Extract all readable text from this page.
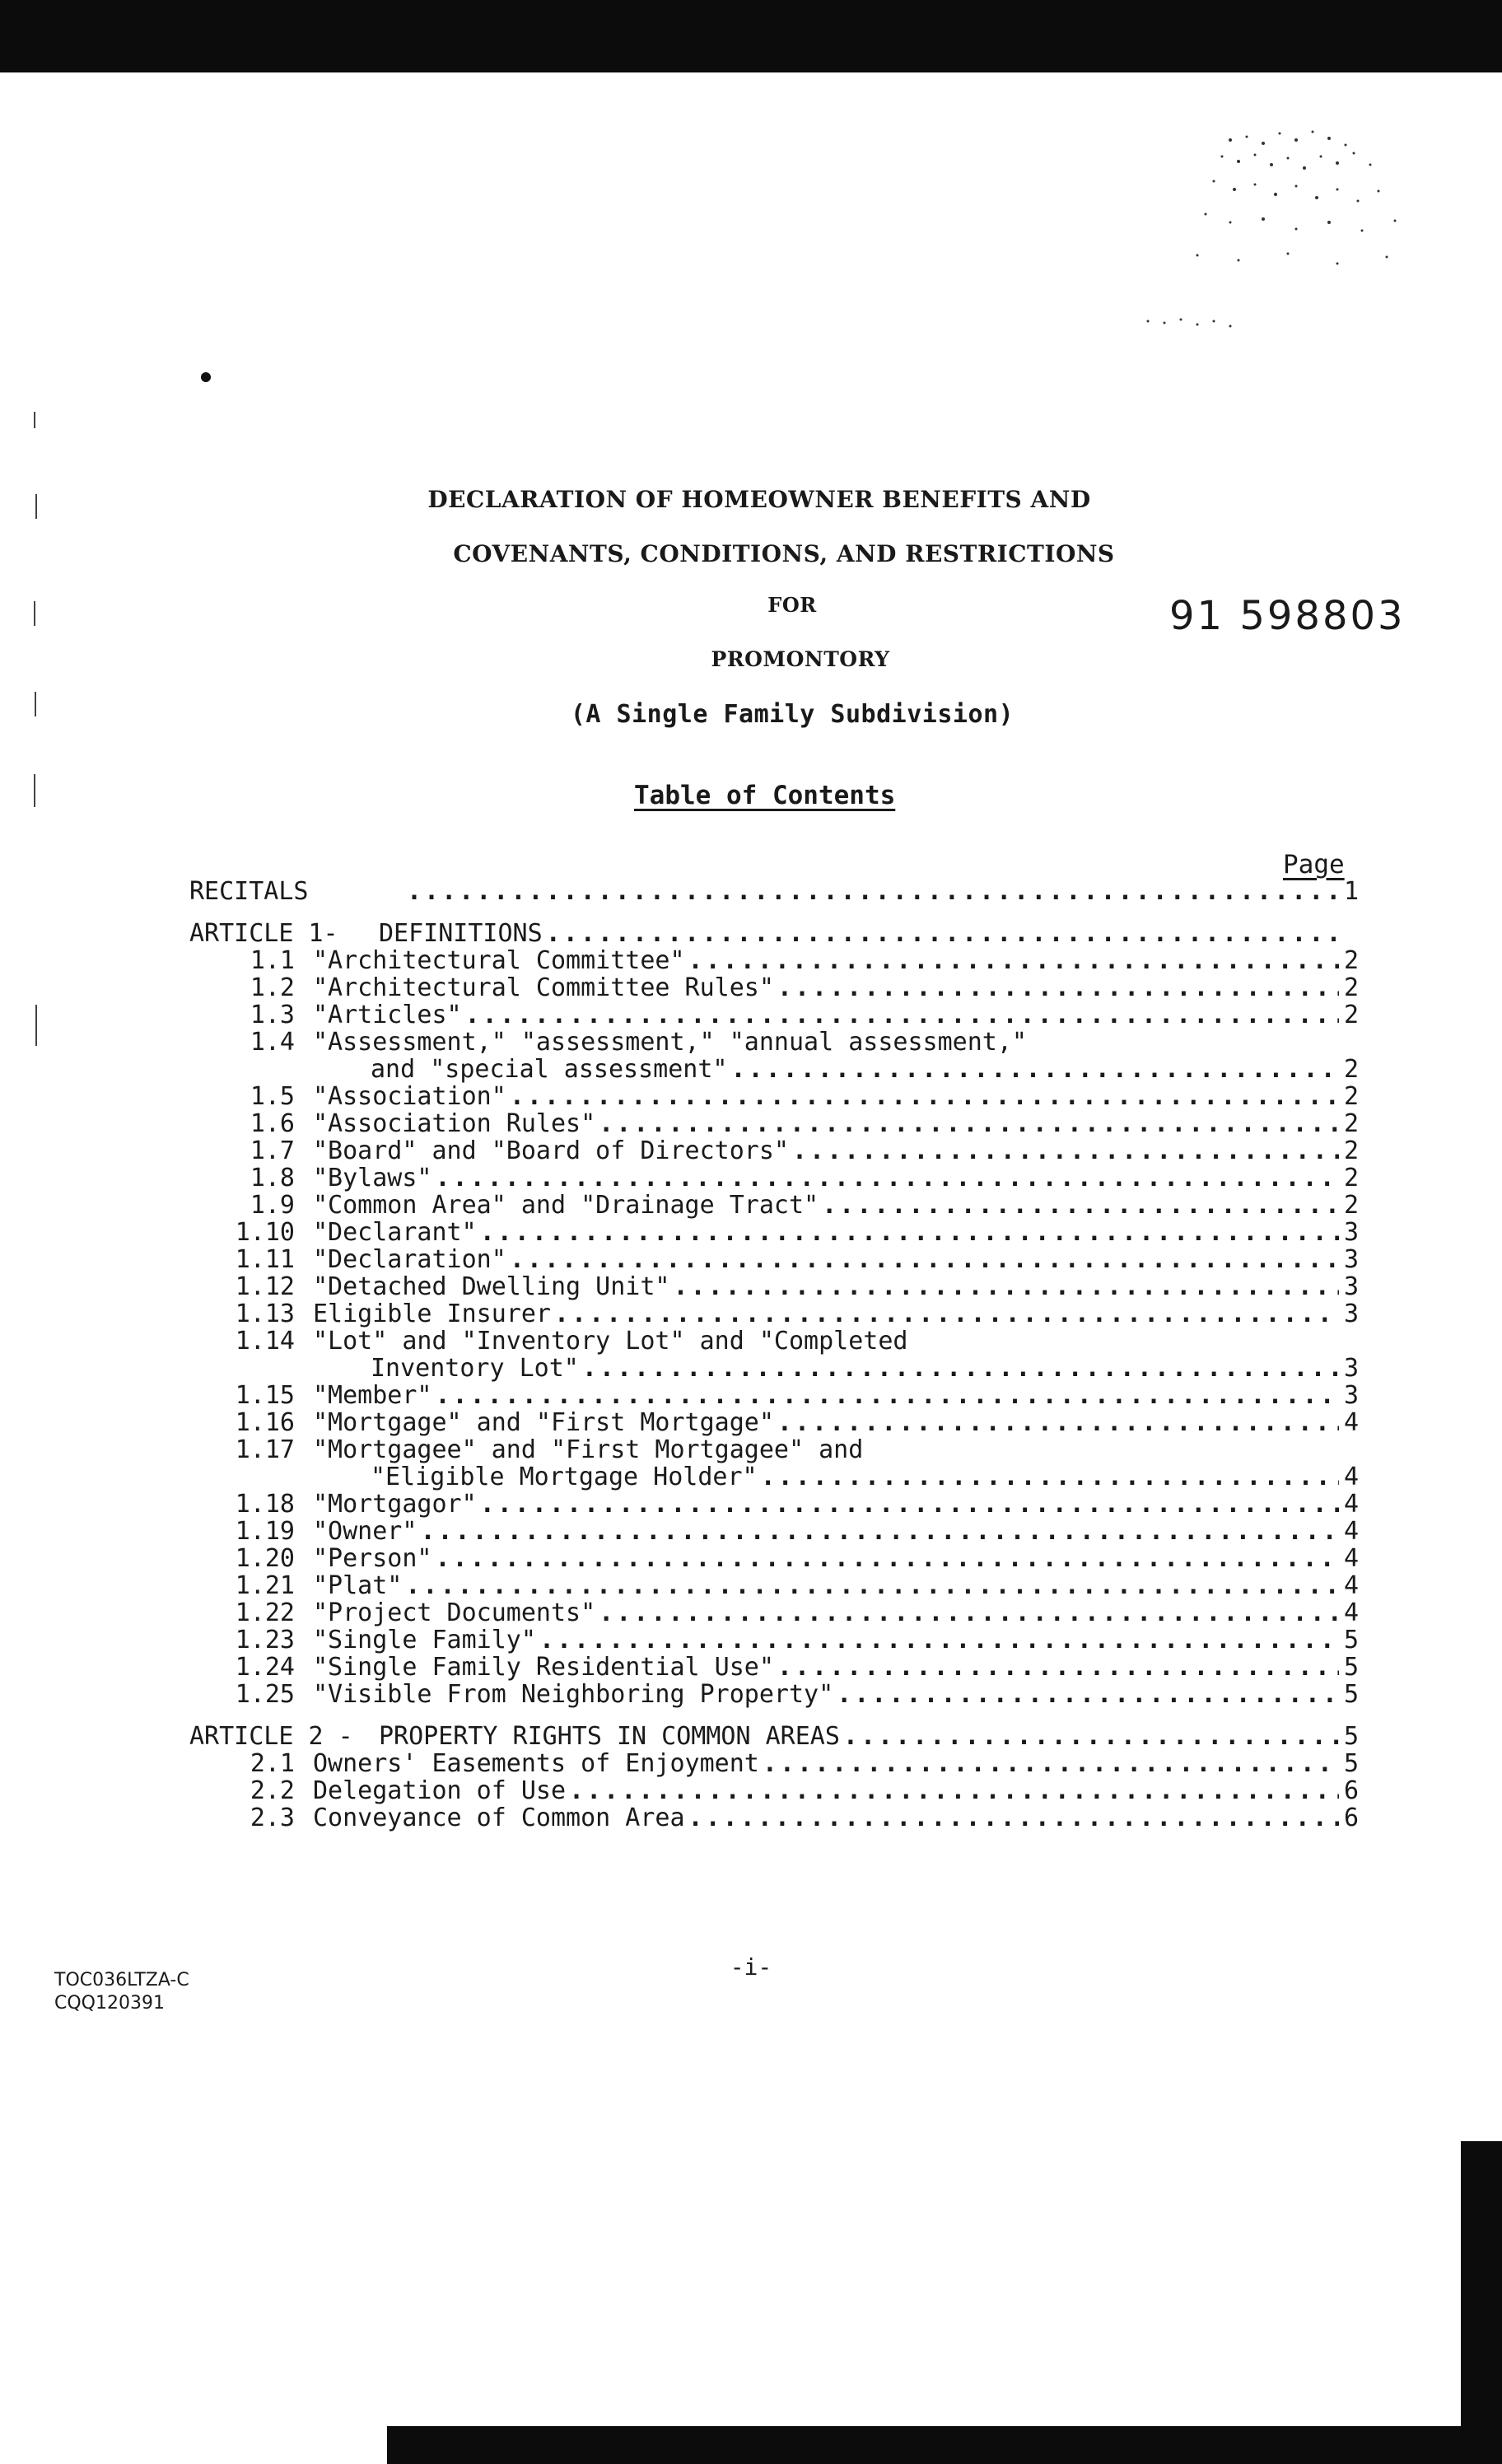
DECLARATION OF HOMEOWNER BENEFITS AND
COVENANTS, CONDITIONS, AND RESTRICTIONS
FOR
PROMONTORY
(A Single Family Subdivision)
91 598803
Table of Contents
Page
RECITALS .....	1
ARTICLE 1-	DEFINITIONS
.....
1.1 "Architectural Committee" .....	2
1.2 "Architectural Committee Rules" .....	2
1.3 "Articles" .....	2
1.4 "Assessment," "assessment," "annual assessment,"
and "special assessment" .....	2
1.5 "Association" .....	2
1.6 "Association Rules" .....	2
1.7 "Board" and "Board of Directors" .....	2
1.8 "Bylaws" .....	2
1.9 "Common Area" and "Drainage Tract" .....	2
1.10 "Declarant" .....	3
1.11 "Declaration" .....	3
1.12 "Detached Dwelling Unit" .....	3
1.13 Eligible Insurer .....	3
1.14 "Lot" and "Inventory Lot" and "Completed
Inventory Lot" .....	3
1.15 "Member" .....	3
1.16 "Mortgage" and "First Mortgage" .....	4
1.17 "Mortgagee" and "First Mortgagee" and
"Eligible Mortgage Holder" .....	4
1.18 "Mortgagor" .....	4
1.19 "Owner" .....	4
1.20 "Person" .....	4
1.21 "Plat" .....	4
1.22 "Project Documents" .....	4
1.23 "Single Family" .....	5
1.24 "Single Family Residential Use" .....	5
1.25 "Visible From Neighboring Property" .....	5
ARTICLE 2 -	PROPERTY RIGHTS IN COMMON AREAS .....	5
2.1 Owners' Easements of Enjoyment .....	5
2.2 Delegation of Use .....	6
2.3 Conveyance of Common Area .....	6
-i-
TOC036LTZA-C
CQQ120391
